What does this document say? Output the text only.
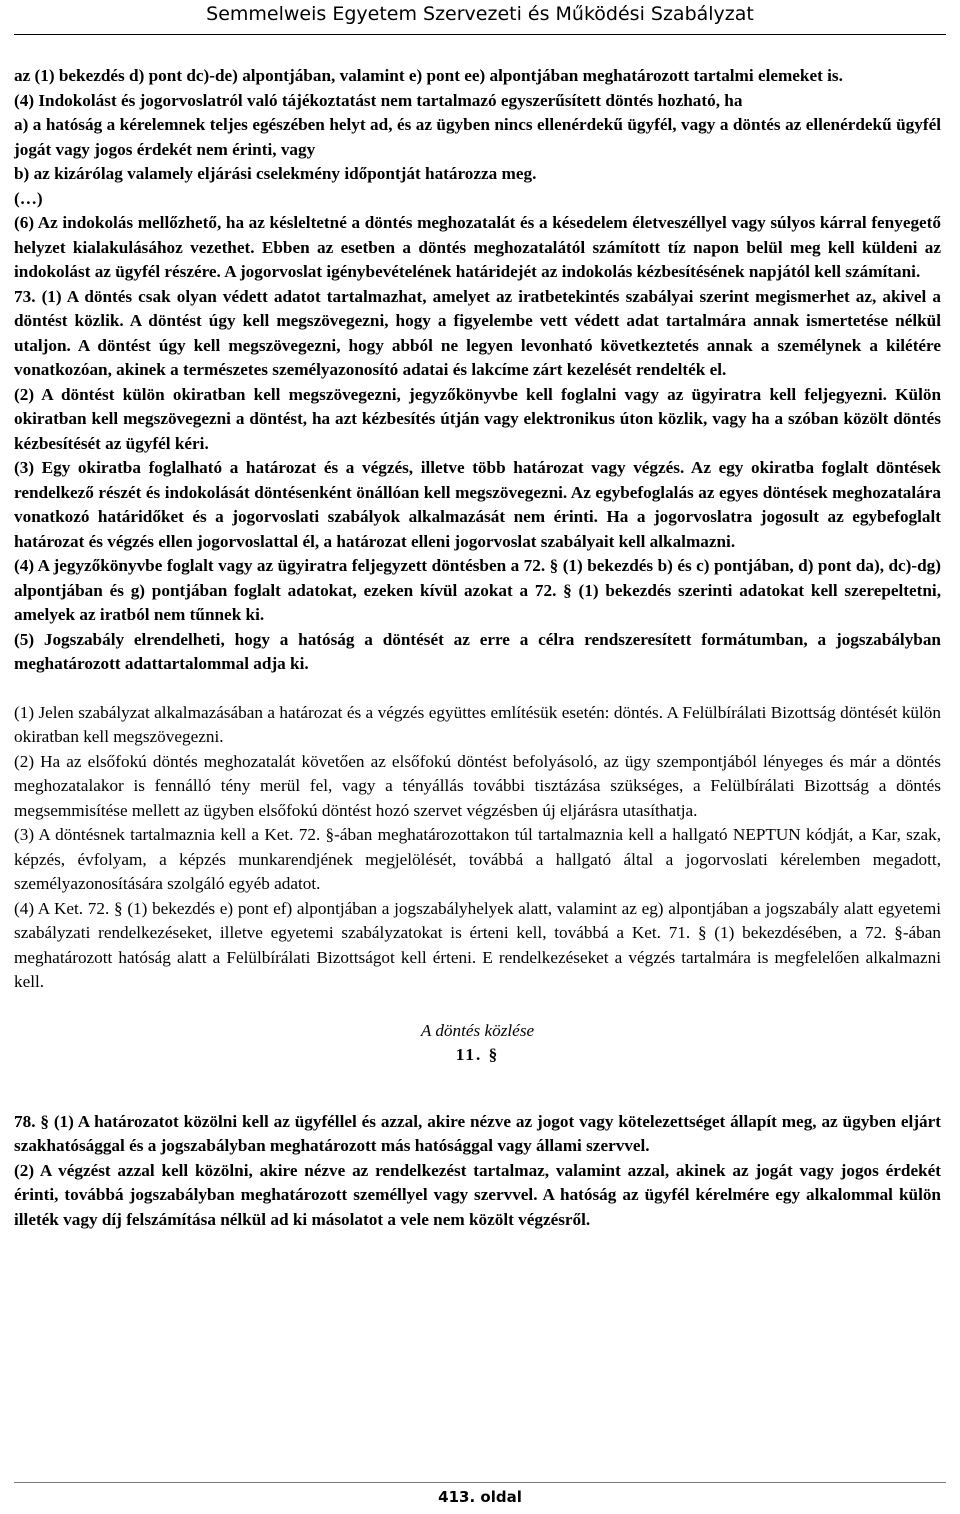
Semmelweis Egyetem Szervezeti és Működési Szabályzat

az (1) bekezdés d) pont dc)-de) alpontjában, valamint e) pont ee) alpontjában meghatározott tartalmi elemeket is.

(4) Indokolást és jogorvoslatról való tájékoztatást nem tartalmazó egyszerűsített döntés hozható, ha

a) a hatóság a kérelemnek teljes egészében helyt ad, és az ügyben nincs ellenérdekű ügyfél, vagy a döntés az ellenérdekű ügyfél jogát vagy jogos érdekét nem érinti, vagy

b) az kizárólag valamely eljárási cselekmény időpontját határozza meg.

(…)

(6) Az indokolás mellőzhető, ha az késleltetné a döntés meghozatalát és a késedelem életveszéllyel vagy súlyos kárral fenyegető helyzet kialakulásához vezethet. Ebben az esetben a döntés meghozatalától számított tíz napon belül meg kell küldeni az indokolást az ügyfél részére. A jogorvoslat igénybevételének határidejét az indokolás kézbesítésének napjától kell számítani.

73. (1) A döntés csak olyan védett adatot tartalmazhat, amelyet az iratbetekintés szabályai szerint megismerhet az, akivel a döntést közlik. A döntést úgy kell megszövegezni, hogy a figyelembe vett védett adat tartalmára annak ismertetése nélkül utaljon. A döntést úgy kell megszövegezni, hogy abból ne legyen levonható következtetés annak a személynek a kilétére vonatkozóan, akinek a természetes személyazonosító adatai és lakcíme zárt kezelését rendelték el.

(2) A döntést külön okiratban kell megszövegezni, jegyzőkönyvbe kell foglalni vagy az ügyiratra kell feljegyezni. Külön okiratban kell megszövegezni a döntést, ha azt kézbesítés útján vagy elektronikus úton közlik, vagy ha a szóban közölt döntés kézbesítését az ügyfél kéri.

(3) Egy okiratba foglalható a határozat és a végzés, illetve több határozat vagy végzés. Az egy okiratba foglalt döntések rendelkező részét és indokolását döntésenként önállóan kell megszövegezni. Az egybefoglalás az egyes döntések meghozatalára vonatkozó határidőket és a jogorvoslati szabályok alkalmazását nem érinti. Ha a jogorvoslatra jogosult az egybefoglalt határozat és végzés ellen jogorvoslattal él, a határozat elleni jogorvoslat szabályait kell alkalmazni.

(4) A jegyzőkönyvbe foglalt vagy az ügyiratra feljegyzett döntésben a 72. § (1) bekezdés b) és c) pontjában, d) pont da), dc)-dg) alpontjában és g) pontjában foglalt adatokat, ezeken kívül azokat a 72. § (1) bekezdés szerinti adatokat kell szerepeltetni, amelyek az iratból nem tűnnek ki.

(5) Jogszabály elrendelheti, hogy a hatóság a döntését az erre a célra rendszeresített formátumban, a jogszabályban meghatározott adattartalommal adja ki.

(1) Jelen szabályzat alkalmazásában a határozat és a végzés együttes említésük esetén: döntés. A Felülbírálati Bizottság döntését külön okiratban kell megszövegezni.

(2) Ha az elsőfokú döntés meghozatalát követően az elsőfokú döntést befolyásoló, az ügy szempontjából lényeges és már a döntés meghozatalakor is fennálló tény merül fel, vagy a tényállás további tisztázása szükséges, a Felülbírálati Bizottság a döntés megsemmisítése mellett az ügyben elsőfokú döntést hozó szervet végzésben új eljárásra utasíthatja.

(3) A döntésnek tartalmaznia kell a Ket. 72. §-ában meghatározottakon túl tartalmaznia kell a hallgató NEPTUN kódját, a Kar, szak, képzés, évfolyam, a képzés munkarendjének megjelölését, továbbá a hallgató által a jogorvoslati kérelemben megadott, személyazonosítására szolgáló egyéb adatot.

(4) A Ket. 72. § (1) bekezdés e) pont ef) alpontjában a jogszabályhelyek alatt, valamint az eg) alpontjában a jogszabály alatt egyetemi szabályzati rendelkezéseket, illetve egyetemi szabályzatokat is érteni kell, továbbá a Ket. 71. § (1) bekezdésében, a 72. §-ában meghatározott hatóság alatt a Felülbírálati Bizottságot kell érteni. E rendelkezéseket a végzés tartalmára is megfelelően alkalmazni kell.

A döntés közlése

11. §

78. § (1) A határozatot közölni kell az ügyféllel és azzal, akire nézve az jogot vagy kötelezettséget állapít meg, az ügyben eljárt szakhatósággal és a jogszabályban meghatározott más hatósággal vagy állami szervvel.

(2) A végzést azzal kell közölni, akire nézve az rendelkezést tartalmaz, valamint azzal, akinek az jogát vagy jogos érdekét érinti, továbbá jogszabályban meghatározott személlyel vagy szervvel. A hatóság az ügyfél kérelmére egy alkalommal külön illeték vagy díj felszámítása nélkül ad ki másolatot a vele nem közölt végzésről.

413. oldal
